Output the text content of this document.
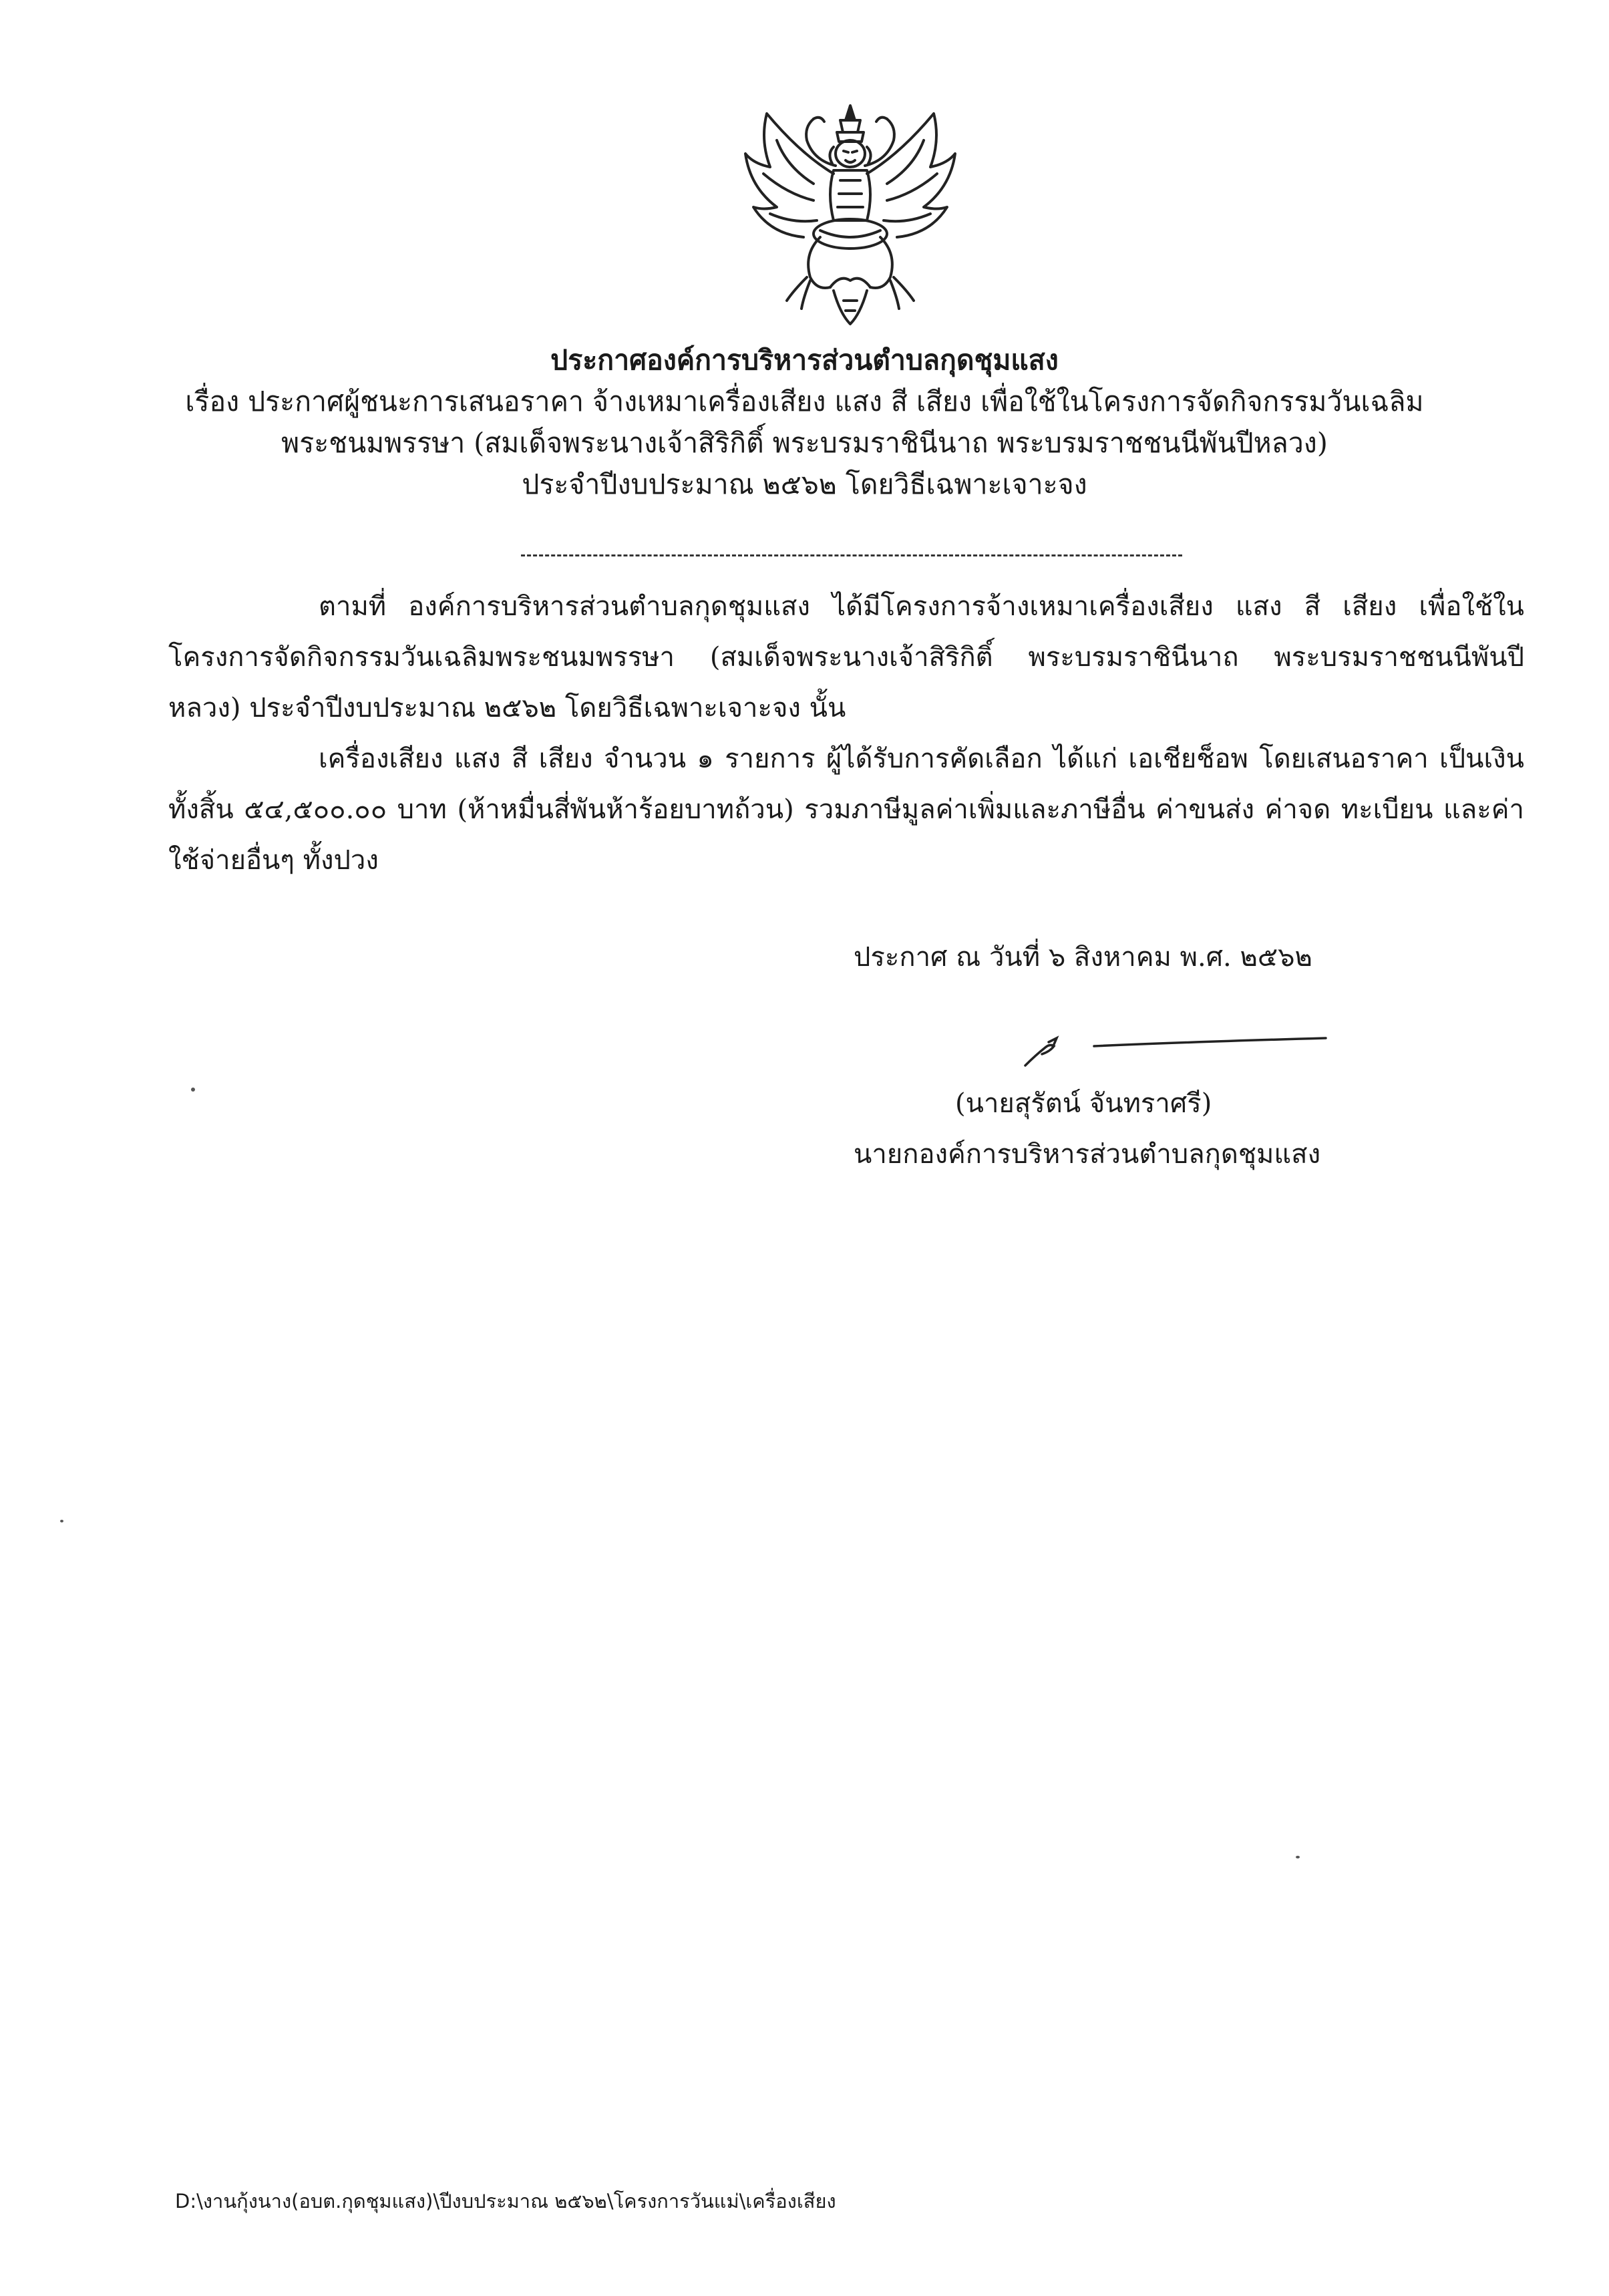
ประกาศองค์การบริหารส่วนตำบลกุดชุมแสง
เรื่อง ประกาศผู้ชนะการเสนอราคา จ้างเหมาเครื่องเสียง แสง สี เสียง เพื่อใช้ในโครงการจัดกิจกรรมวันเฉลิม
พระชนมพรรษา (สมเด็จพระนางเจ้าสิริกิติ์ พระบรมราชินีนาถ พระบรมราชชนนีพันปีหลวง)
ประจำปีงบประมาณ ๒๕๖๒ โดยวิธีเฉพาะเจาะจง

ตามที่ องค์การบริหารส่วนตำบลกุดชุมแสง ได้มีโครงการจ้างเหมาเครื่องเสียง แสง สี เสียง เพื่อใช้ใน โครงการจัดกิจกรรมวันเฉลิมพระชนมพรรษา (สมเด็จพระนางเจ้าสิริกิติ์ พระบรมราชินีนาถ พระบรมราชชนนีพันปี หลวง) ประจำปีงบประมาณ ๒๕๖๒ โดยวิธีเฉพาะเจาะจง นั้น

เครื่องเสียง แสง สี เสียง จำนวน ๑ รายการ ผู้ได้รับการคัดเลือก ได้แก่ เอเชียช็อพ โดยเสนอราคา เป็นเงินทั้งสิ้น ๕๔,๕๐๐.๐๐ บาท (ห้าหมื่นสี่พันห้าร้อยบาทถ้วน) รวมภาษีมูลค่าเพิ่มและภาษีอื่น ค่าขนส่ง ค่าจด ทะเบียน และค่าใช้จ่ายอื่นๆ ทั้งปวง

ประกาศ ณ วันที่ ๖ สิงหาคม พ.ศ. ๒๕๖๒
(นายสุรัตน์ จันทราศรี)
นายกองค์การบริหารส่วนตำบลกุดชุมแสง
D:\งานกุ้งนาง(อบต.กุดชุมแสง)\ปีงบประมาณ ๒๕๖๒\โครงการวันแม่\เครื่องเสียง
